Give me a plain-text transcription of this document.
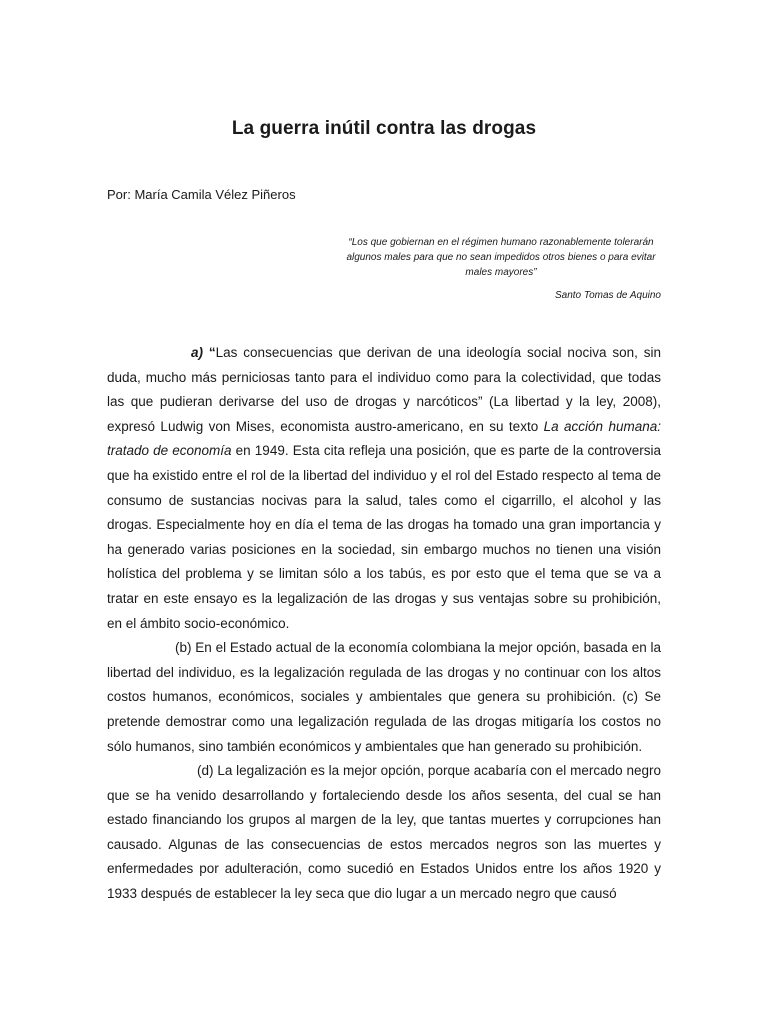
La guerra inútil contra las drogas
Por: María Camila Vélez Piñeros
“Los que gobiernan en el régimen humano razonablemente tolerarán algunos males para que no sean impedidos otros bienes o para evitar males mayores”
Santo Tomas de Aquino

a) “Las consecuencias que derivan de una ideología social nociva son, sin duda, mucho más perniciosas tanto para el individuo como para la colectividad, que todas las que pudieran derivarse del uso de drogas y narcóticos” (La libertad y la ley, 2008), expresó Ludwig von Mises, economista austro-americano, en su texto La acción humana: tratado de economía en 1949. Esta cita refleja una posición, que es parte de la controversia que ha existido entre el rol de la libertad del individuo y el rol del Estado respecto al tema de consumo de sustancias nocivas para la salud, tales como el cigarrillo, el alcohol y las drogas. Especialmente hoy en día el tema de las drogas ha tomado una gran importancia y ha generado varias posiciones en la sociedad, sin embargo muchos no tienen una visión holística del problema y se limitan sólo a los tabús, es por esto que el tema que se va a tratar en este ensayo es la legalización de las drogas y sus ventajas sobre su prohibición, en el ámbito socio-económico.

(b) En el Estado actual de la economía colombiana la mejor opción, basada en la libertad del individuo, es la legalización regulada de las drogas y no continuar con los altos costos humanos, económicos, sociales y ambientales que genera su prohibición. (c) Se pretende demostrar como una legalización regulada de las drogas mitigaría los costos no sólo humanos, sino también económicos y ambientales que han generado su prohibición.

(d) La legalización es la mejor opción, porque acabaría con el mercado negro que se ha venido desarrollando y fortaleciendo desde los años sesenta, del cual se han estado financiando los grupos al margen de la ley, que tantas muertes y corrupciones han causado. Algunas de las consecuencias de estos mercados negros son las muertes y enfermedades por adulteración, como sucedió en Estados Unidos entre los años 1920 y 1933 después de establecer la ley seca que dio lugar a un mercado negro que causó
